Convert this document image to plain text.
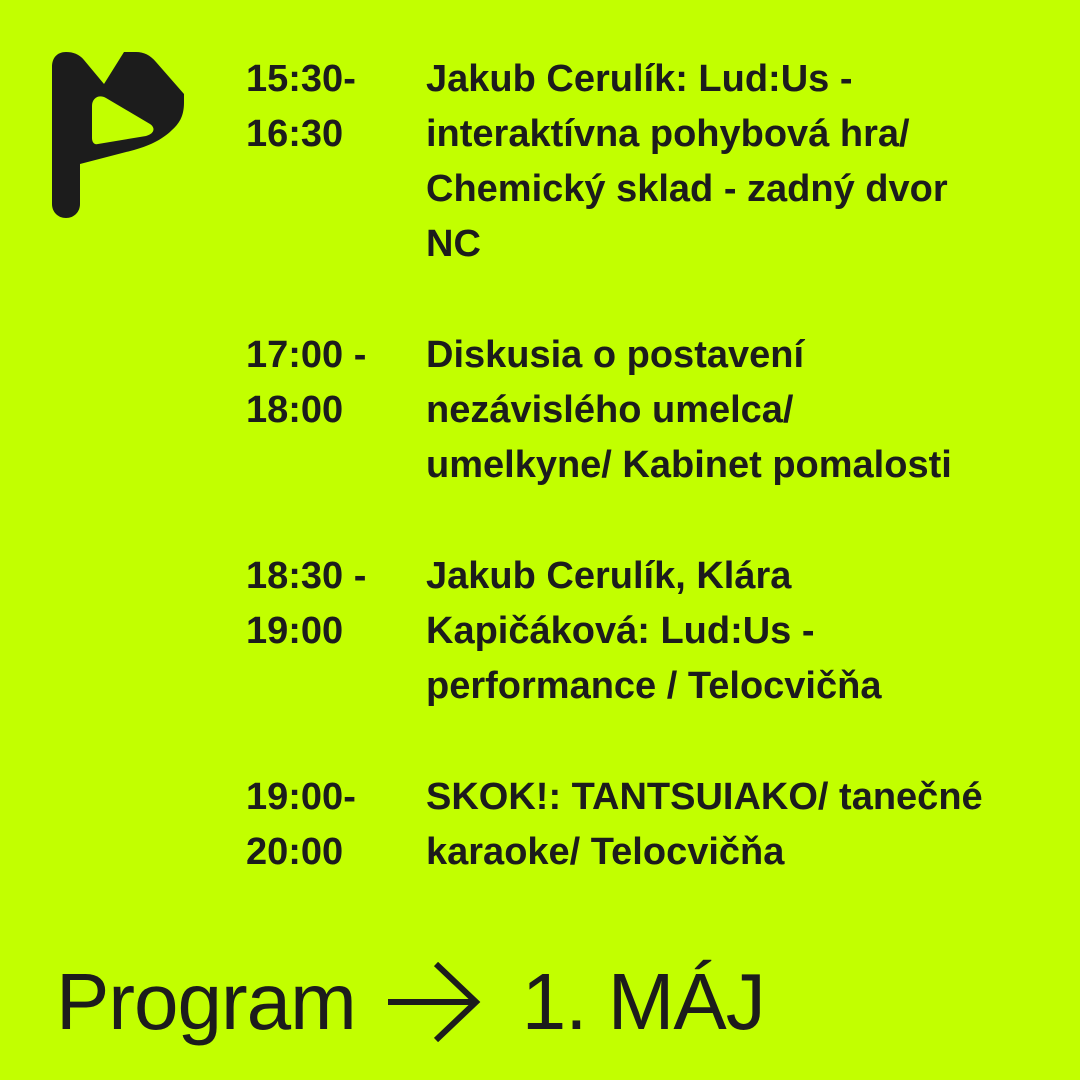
15:30-
16:30
Jakub Cerulík: Lud:Us -
interaktívna pohybová hra/
Chemický sklad - zadný dvor
NC
17:00 -
18:00
Diskusia o postavení
nezávislého umelca/
umelkyne/ Kabinet pomalosti
18:30 -
19:00
Jakub Cerulík, Klára
Kapičáková: Lud:Us -
performance / Telocvičňa
19:00-
20:00
SKOK!: TANTSUIAKO/ tanečné
karaoke/ Telocvičňa
Program 1. MÁJ
